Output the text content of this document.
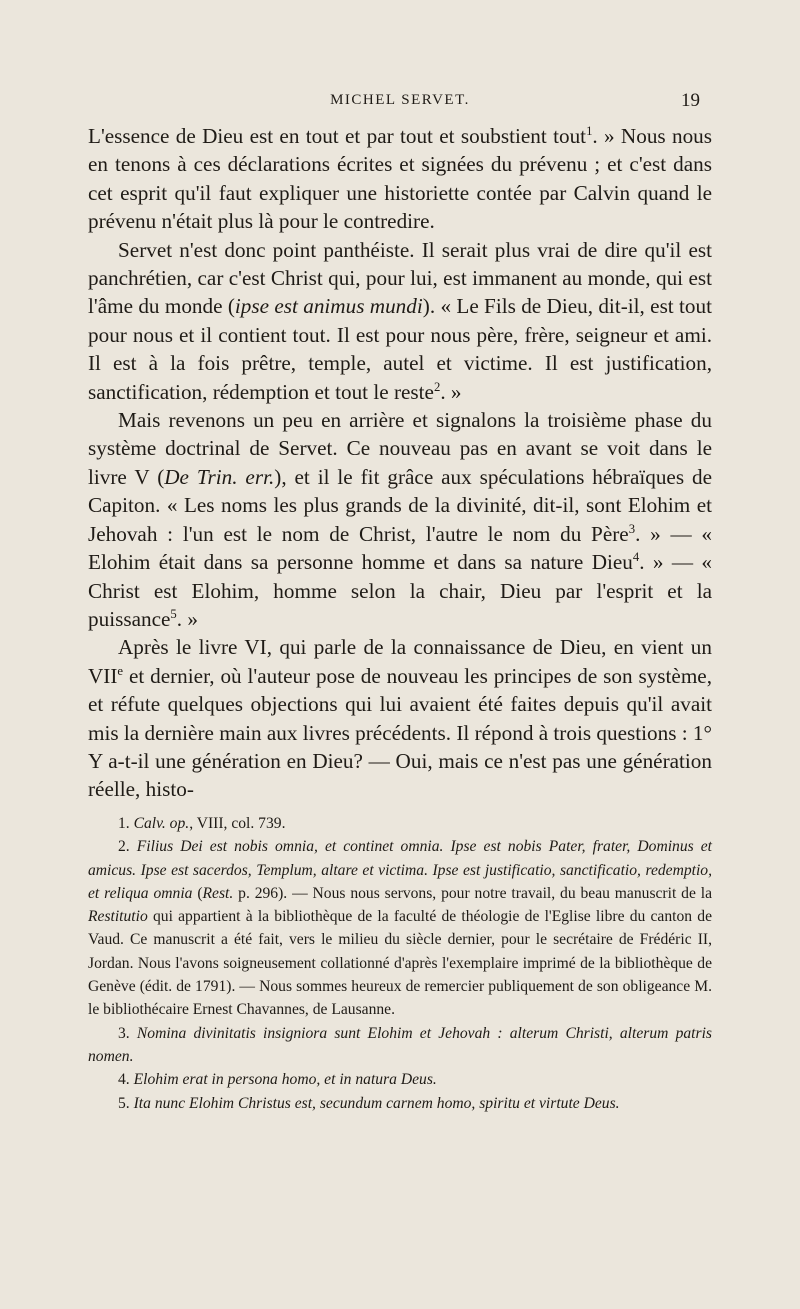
MICHEL SERVET.	19

L'essence de Dieu est en tout et par tout et soubstient tout$^1$. » Nous nous en tenons à ces déclarations écrites et signées du prévenu ; et c'est dans cet esprit qu'il faut expliquer une historiette contée par Calvin quand le prévenu n'était plus là pour le contredire.

Servet n'est donc point panthéiste. Il serait plus vrai de dire qu'il est panchrétien, car c'est Christ qui, pour lui, est immanent au monde, qui est l'âme du monde (ipse est animus mundi). « Le Fils de Dieu, dit-il, est tout pour nous et il contient tout. Il est pour nous père, frère, seigneur et ami. Il est à la fois prêtre, temple, autel et victime. Il est justification, sanctification, rédemption et tout le reste$^2$. »

Mais revenons un peu en arrière et signalons la troisième phase du système doctrinal de Servet. Ce nouveau pas en avant se voit dans le livre V (De Trin. err.), et il le fit grâce aux spéculations hébraïques de Capiton. « Les noms les plus grands de la divinité, dit-il, sont Elohim et Jehovah : l'un est le nom de Christ, l'autre le nom du Père$^3$. » — « Elohim était dans sa personne homme et dans sa nature Dieu$^4$. » — « Christ est Elohim, homme selon la chair, Dieu par l'esprit et la puissance$^5$. »

Après le livre VI, qui parle de la connaissance de Dieu, en vient un VIIe et dernier, où l'auteur pose de nouveau les principes de son système, et réfute quelques objections qui lui avaient été faites depuis qu'il avait mis la dernière main aux livres précédents. Il répond à trois questions : 1° Y a-t-il une génération en Dieu? — Oui, mais ce n'est pas une génération réelle, histo-

1. Calv. op., VIII, col. 739.

2. Filius Dei est nobis omnia, et continet omnia. Ipse est nobis Pater, frater, Dominus et amicus. Ipse est sacerdos, Templum, altare et victima. Ipse est justificatio, sanctificatio, redemptio, et reliqua omnia (Rest. p. 296). — Nous nous servons, pour notre travail, du beau manuscrit de la Restitutio qui appartient à la bibliothèque de la faculté de théologie de l'Eglise libre du canton de Vaud. Ce manuscrit a été fait, vers le milieu du siècle dernier, pour le secrétaire de Frédéric II, Jordan. Nous l'avons soigneusement collationné d'après l'exemplaire imprimé de la bibliothèque de Genève (édit. de 1791). — Nous sommes heureux de remercier publiquement de son obligeance M. le bibliothécaire Ernest Chavannes, de Lausanne.

3. Nomina divinitatis insigniora sunt Elohim et Jehovah : alterum Christi, alterum patris nomen.

4. Elohim erat in persona homo, et in natura Deus.

5. Ita nunc Elohim Christus est, secundum carnem homo, spiritu et virtute Deus.
